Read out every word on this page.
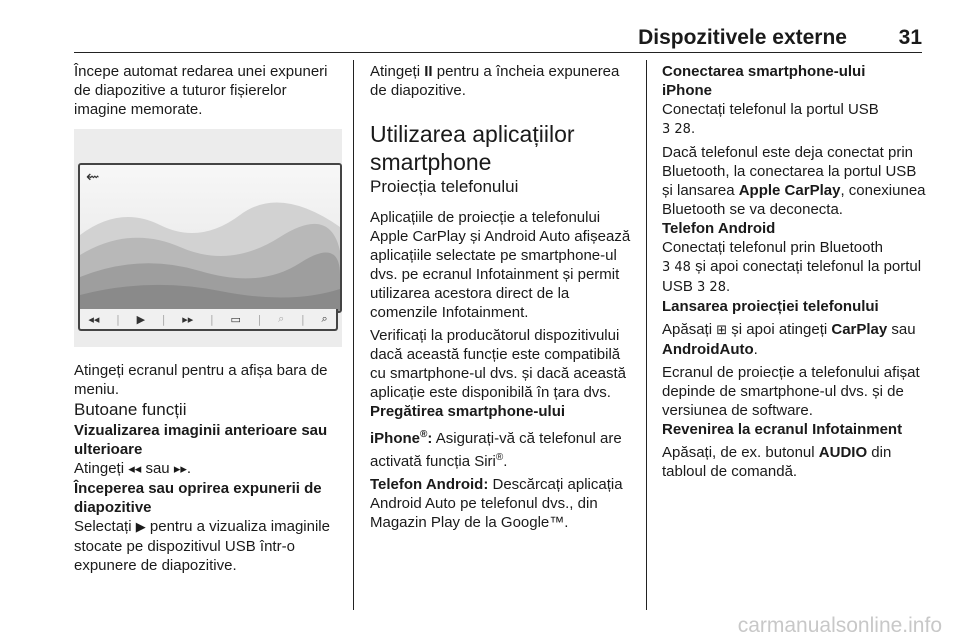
Dispozitivele externe 31

Începe automat redarea unei expuneri de diapozitive a tuturor fișierelor imagine memorate.

⇜
◂◂ | ▶ | ▸▸ | ▭ | ⌕ | ⌕

Atingeți ecranul pentru a afișa bara de meniu.

Butoane funcții

Vizualizarea imaginii anterioare sau ulterioare

Atingeți ◂◂ sau ▸▸.

Începerea sau oprirea expunerii de diapozitive

Selectați ▶ pentru a vizualiza imaginile stocate pe dispozitivul USB într-o expunere de diapozitive.

Atingeți II pentru a încheia expunerea de diapozitive.

Utilizarea aplicațiilor smartphone
Proiecția telefonului

Aplicațiile de proiecție a telefonului Apple CarPlay și Android Auto afișează aplicațiile selectate pe smartphone-ul dvs. pe ecranul Infotainment și permit utilizarea acestora direct de la comenzile Infotainment.

Verificați la producătorul dispozitivului dacă această funcție este compatibilă cu smartphone-ul dvs. și dacă această aplicație este disponibilă în țara dvs.

Pregătirea smartphone-ului

iPhone®: Asigurați-vă că telefonul are activată funcția Siri®.

Telefon Android: Descărcați aplicația Android Auto pe telefonul dvs., din Magazin Play de la Google™.

Conectarea smartphone-ului

iPhone

Conectați telefonul la portul USB
3 28.

Dacă telefonul este deja conectat prin Bluetooth, la conectarea la portul USB și lansarea Apple CarPlay, conexiunea Bluetooth se va deconecta.

Telefon Android

Conectați telefonul prin Bluetooth
3 48 și apoi conectați telefonul la portul USB 3 28.

Lansarea proiecției telefonului

Apăsați ⊞ și apoi atingeți CarPlay sau AndroidAuto.

Ecranul de proiecție a telefonului afișat depinde de smartphone-ul dvs. și de versiunea de software.

Revenirea la ecranul Infotainment

Apăsați, de ex. butonul AUDIO din tabloul de comandă.

carmanualsonline.info
